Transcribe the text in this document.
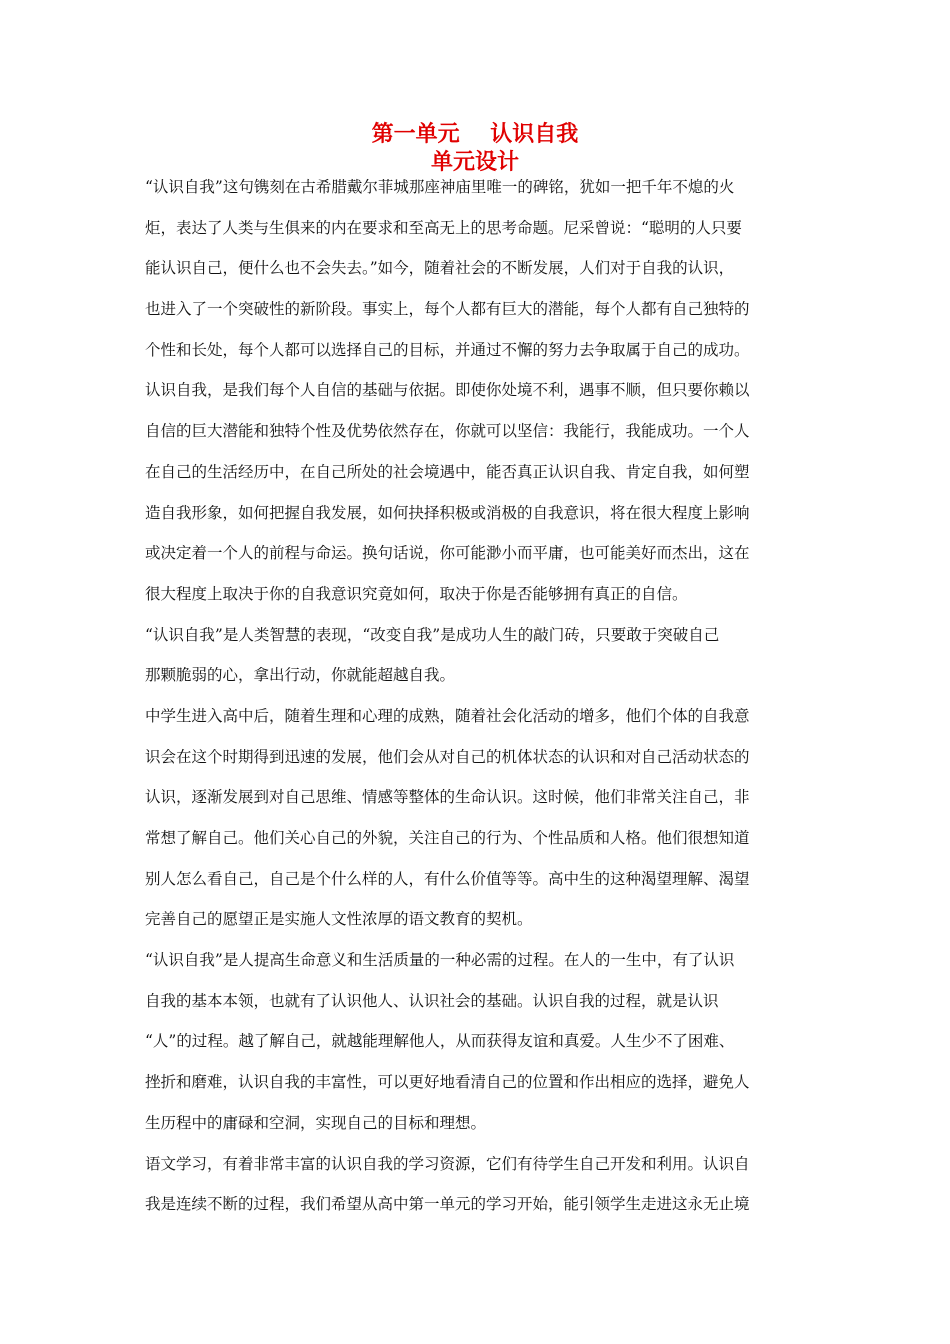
第一单元    认识自我
单元设计
“认识自我”这句镌刻在古希腊戴尔菲城那座神庙里唯一的碑铭，犹如一把千年不熄的火
炬，表达了人类与生俱来的内在要求和至高无上的思考命题。尼采曾说：“聪明的人只要
能认识自己，便什么也不会失去。”如今，随着社会的不断发展，人们对于自我的认识，
也进入了一个突破性的新阶段。事实上，每个人都有巨大的潜能，每个人都有自己独特的
个性和长处，每个人都可以选择自己的目标，并通过不懈的努力去争取属于自己的成功。
认识自我，是我们每个人自信的基础与依据。即使你处境不利，遇事不顺，但只要你赖以
自信的巨大潜能和独特个性及优势依然存在，你就可以坚信：我能行，我能成功。一个人
在自己的生活经历中，在自己所处的社会境遇中，能否真正认识自我、肯定自我，如何塑
造自我形象，如何把握自我发展，如何抉择积极或消极的自我意识，将在很大程度上影响
或决定着一个人的前程与命运。换句话说，你可能渺小而平庸，也可能美好而杰出，这在
很大程度上取决于你的自我意识究竟如何，取决于你是否能够拥有真正的自信。
“认识自我”是人类智慧的表现，“改变自我”是成功人生的敲门砖，只要敢于突破自己
那颗脆弱的心，拿出行动，你就能超越自我。
中学生进入高中后，随着生理和心理的成熟，随着社会化活动的增多，他们个体的自我意
识会在这个时期得到迅速的发展，他们会从对自己的机体状态的认识和对自己活动状态的
认识，逐渐发展到对自己思维、情感等整体的生命认识。这时候，他们非常关注自己，非
常想了解自己。他们关心自己的外貌，关注自己的行为、个性品质和人格。他们很想知道
别人怎么看自己，自己是个什么样的人，有什么价值等等。高中生的这种渴望理解、渴望
完善自己的愿望正是实施人文性浓厚的语文教育的契机。
“认识自我”是人提高生命意义和生活质量的一种必需的过程。在人的一生中，有了认识
自我的基本本领，也就有了认识他人、认识社会的基础。认识自我的过程，就是认识
“人”的过程。越了解自己，就越能理解他人，从而获得友谊和真爱。人生少不了困难、
挫折和磨难，认识自我的丰富性，可以更好地看清自己的位置和作出相应的选择，避免人
生历程中的庸碌和空洞，实现自己的目标和理想。
语文学习，有着非常丰富的认识自我的学习资源，它们有待学生自己开发和利用。认识自
我是连续不断的过程，我们希望从高中第一单元的学习开始，能引领学生走进这永无止境
